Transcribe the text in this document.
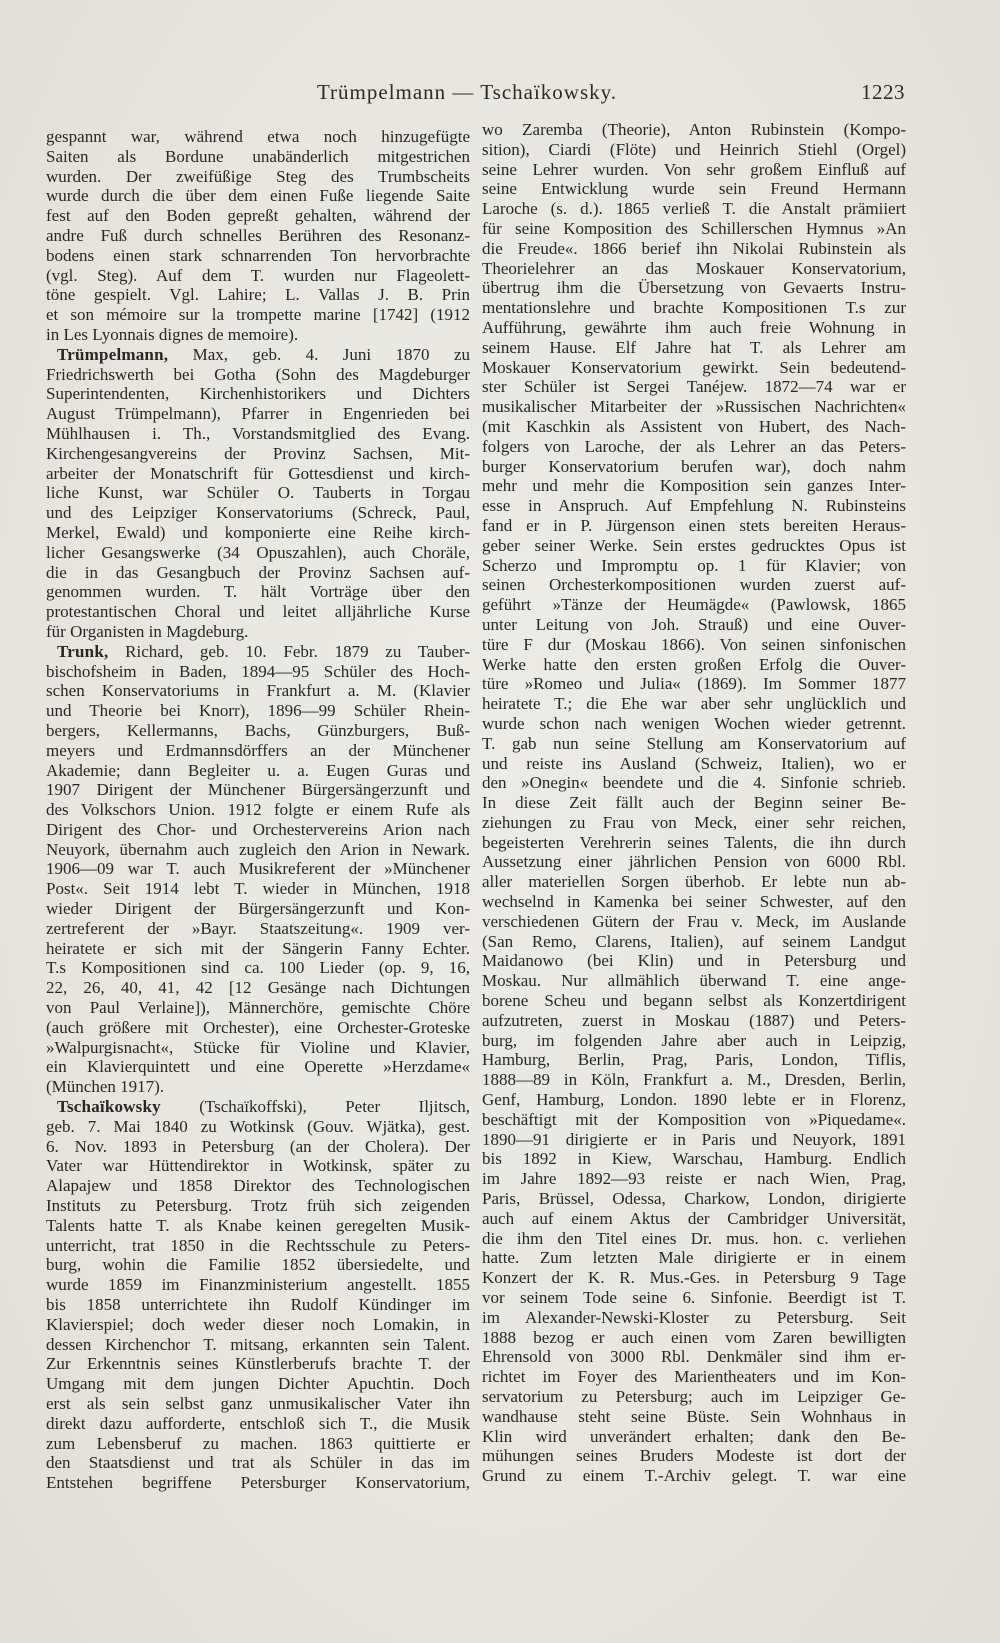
Trümpelmann — Tschaïkowsky.	1223
gespannt war, während etwa noch hinzugefügte
Saiten als Bordune unabänderlich mitgestrichen
wurden. Der zweifüßige Steg des Trumbscheits
wurde durch die über dem einen Fuße liegende Saite
fest auf den Boden gepreßt gehalten, während der
andre Fuß durch schnelles Berühren des Resonanz-
bodens einen stark schnarrenden Ton hervorbrachte
(vgl. Steg). Auf dem T. wurden nur Flageolett-
töne gespielt. Vgl. Lahire; L. Vallas J. B. Prin
et son mémoire sur la trompette marine [1742] (1912
in Les Lyonnais dignes de memoire).
Trümpelmann, Max, geb. 4. Juni 1870 zu
Friedrichswerth bei Gotha (Sohn des Magdeburger
Superintendenten, Kirchenhistorikers und Dichters
August Trümpelmann), Pfarrer in Engenrieden bei
Mühlhausen i. Th., Vorstandsmitglied des Evang.
Kirchengesangvereins der Provinz Sachsen, Mit-
arbeiter der Monatschrift für Gottesdienst und kirch-
liche Kunst, war Schüler O. Tauberts in Torgau
und des Leipziger Konservatoriums (Schreck, Paul,
Merkel, Ewald) und komponierte eine Reihe kirch-
licher Gesangswerke (34 Opuszahlen), auch Choräle,
die in das Gesangbuch der Provinz Sachsen auf-
genommen wurden. T. hält Vorträge über den
protestantischen Choral und leitet alljährliche Kurse
für Organisten in Magdeburg.
Trunk, Richard, geb. 10. Febr. 1879 zu Tauber-
bischofsheim in Baden, 1894—95 Schüler des Hoch-
schen Konservatoriums in Frankfurt a. M. (Klavier
und Theorie bei Knorr), 1896—99 Schüler Rhein-
bergers, Kellermanns, Bachs, Günzburgers, Buß-
meyers und Erdmannsdörffers an der Münchener
Akademie; dann Begleiter u. a. Eugen Guras und
1907 Dirigent der Münchener Bürgersängerzunft und
des Volkschors Union. 1912 folgte er einem Rufe als
Dirigent des Chor- und Orchestervereins Arion nach
Neuyork, übernahm auch zugleich den Arion in Newark.
1906—09 war T. auch Musikreferent der »Münchener
Post«. Seit 1914 lebt T. wieder in München, 1918
wieder Dirigent der Bürgersängerzunft und Kon-
zertreferent der »Bayr. Staatszeitung«. 1909 ver-
heiratete er sich mit der Sängerin Fanny Echter.
T.s Kompositionen sind ca. 100 Lieder (op. 9, 16,
22, 26, 40, 41, 42 [12 Gesänge nach Dichtungen
von Paul Verlaine]), Männerchöre, gemischte Chöre
(auch größere mit Orchester), eine Orchester-Groteske
»Walpurgisnacht«, Stücke für Violine und Klavier,
ein Klavierquintett und eine Operette »Herzdame«
(München 1917).
Tschaïkowsky (Tschaïkoffski), Peter Iljitsch,
geb. 7. Mai 1840 zu Wotkinsk (Gouv. Wjätka), gest.
6. Nov. 1893 in Petersburg (an der Cholera). Der
Vater war Hüttendirektor in Wotkinsk, später zu
Alapajew und 1858 Direktor des Technologischen
Instituts zu Petersburg. Trotz früh sich zeigenden
Talents hatte T. als Knabe keinen geregelten Musik-
unterricht, trat 1850 in die Rechtsschule zu Peters-
burg, wohin die Familie 1852 übersiedelte, und
wurde 1859 im Finanzministerium angestellt. 1855
bis 1858 unterrichtete ihn Rudolf Kündinger im
Klavierspiel; doch weder dieser noch Lomakin, in
dessen Kirchenchor T. mitsang, erkannten sein Talent.
Zur Erkenntnis seines Künstlerberufs brachte T. der
Umgang mit dem jungen Dichter Apuchtin. Doch
erst als sein selbst ganz unmusikalischer Vater ihn
direkt dazu aufforderte, entschloß sich T., die Musik
zum Lebensberuf zu machen. 1863 quittierte er
den Staatsdienst und trat als Schüler in das im
Entstehen begriffene Petersburger Konservatorium,
wo Zaremba (Theorie), Anton Rubinstein (Kompo-
sition), Ciardi (Flöte) und Heinrich Stiehl (Orgel)
seine Lehrer wurden. Von sehr großem Einfluß auf
seine Entwicklung wurde sein Freund Hermann
Laroche (s. d.). 1865 verließ T. die Anstalt prämiiert
für seine Komposition des Schillerschen Hymnus »An
die Freude«. 1866 berief ihn Nikolai Rubinstein als
Theorielehrer an das Moskauer Konservatorium,
übertrug ihm die Übersetzung von Gevaerts Instru-
mentationslehre und brachte Kompositionen T.s zur
Aufführung, gewährte ihm auch freie Wohnung in
seinem Hause. Elf Jahre hat T. als Lehrer am
Moskauer Konservatorium gewirkt. Sein bedeutend-
ster Schüler ist Sergei Tanéjew. 1872—74 war er
musikalischer Mitarbeiter der »Russischen Nachrichten«
(mit Kaschkin als Assistent von Hubert, des Nach-
folgers von Laroche, der als Lehrer an das Peters-
burger Konservatorium berufen war), doch nahm
mehr und mehr die Komposition sein ganzes Inter-
esse in Anspruch. Auf Empfehlung N. Rubinsteins
fand er in P. Jürgenson einen stets bereiten Heraus-
geber seiner Werke. Sein erstes gedrucktes Opus ist
Scherzo und Impromptu op. 1 für Klavier; von
seinen Orchesterkompositionen wurden zuerst auf-
geführt »Tänze der Heumägde« (Pawlowsk, 1865
unter Leitung von Joh. Strauß) und eine Ouver-
türe F dur (Moskau 1866). Von seinen sinfonischen
Werke hatte den ersten großen Erfolg die Ouver-
türe »Romeo und Julia« (1869). Im Sommer 1877
heiratete T.; die Ehe war aber sehr unglücklich und
wurde schon nach wenigen Wochen wieder getrennt.
T. gab nun seine Stellung am Konservatorium auf
und reiste ins Ausland (Schweiz, Italien), wo er
den »Onegin« beendete und die 4. Sinfonie schrieb.
In diese Zeit fällt auch der Beginn seiner Be-
ziehungen zu Frau von Meck, einer sehr reichen,
begeisterten Verehrerin seines Talents, die ihn durch
Aussetzung einer jährlichen Pension von 6000 Rbl.
aller materiellen Sorgen überhob. Er lebte nun ab-
wechselnd in Kamenka bei seiner Schwester, auf den
verschiedenen Gütern der Frau v. Meck, im Auslande
(San Remo, Clarens, Italien), auf seinem Landgut
Maidanowo (bei Klin) und in Petersburg und
Moskau. Nur allmählich überwand T. eine ange-
borene Scheu und begann selbst als Konzertdirigent
aufzutreten, zuerst in Moskau (1887) und Peters-
burg, im folgenden Jahre aber auch in Leipzig,
Hamburg, Berlin, Prag, Paris, London, Tiflis,
1888—89 in Köln, Frankfurt a. M., Dresden, Berlin,
Genf, Hamburg, London. 1890 lebte er in Florenz,
beschäftigt mit der Komposition von »Piquedame«.
1890—91 dirigierte er in Paris und Neuyork, 1891
bis 1892 in Kiew, Warschau, Hamburg. Endlich
im Jahre 1892—93 reiste er nach Wien, Prag,
Paris, Brüssel, Odessa, Charkow, London, dirigierte
auch auf einem Aktus der Cambridger Universität,
die ihm den Titel eines Dr. mus. hon. c. verliehen
hatte. Zum letzten Male dirigierte er in einem
Konzert der K. R. Mus.-Ges. in Petersburg 9 Tage
vor seinem Tode seine 6. Sinfonie. Beerdigt ist T.
im Alexander-Newski-Kloster zu Petersburg. Seit
1888 bezog er auch einen vom Zaren bewilligten
Ehrensold von 3000 Rbl. Denkmäler sind ihm er-
richtet im Foyer des Marientheaters und im Kon-
servatorium zu Petersburg; auch im Leipziger Ge-
wandhause steht seine Büste. Sein Wohnhaus in
Klin wird unverändert erhalten; dank den Be-
mühungen seines Bruders Modeste ist dort der
Grund zu einem T.-Archiv gelegt. T. war eine
